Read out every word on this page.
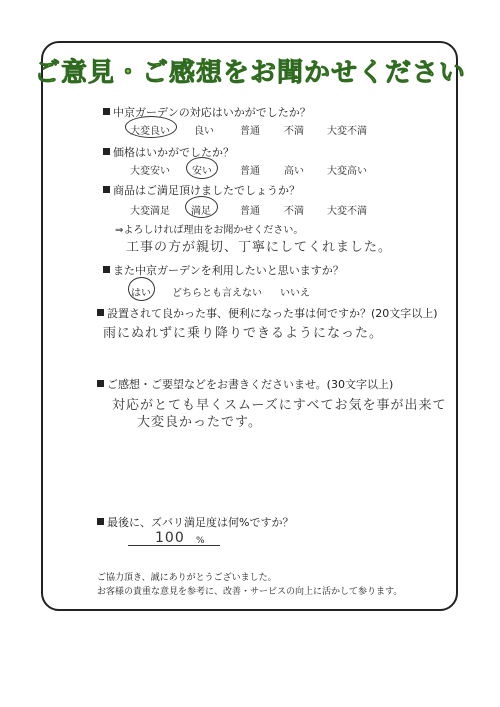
ご意見・ご感想をお聞かせください
中京ガーデンの対応はいかがでしたか？
大変良い 良い	普通 不満 大変不満
価格はいかがでしたか？
大変安い 安い	普通 高い 大変高い
商品はご満足頂けましたでしょうか？
大変満足 満足	普通 不満 大変不満
⇒よろしければ理由をお聞かせください。
工事の方が親切、丁寧にしてくれました。
また中京ガーデンを利用したいと思いますか？
はい どちらとも言えない いいえ
設置されて良かった事、便利になった事は何ですか？(20文字以上)
雨にぬれずに乗り降りできるようになった。
ご感想・ご要望などをお書きくださいませ。(30文字以上)
対応がとても早くスムーズにすべてお気を事が出来て
大変良かったです。
最後に、ズバリ満足度は何%ですか？
100 %
ご協力頂き、誠にありがとうございました。
お客様の貴重な意見を参考に、改善・サービスの向上に活かして参ります。
